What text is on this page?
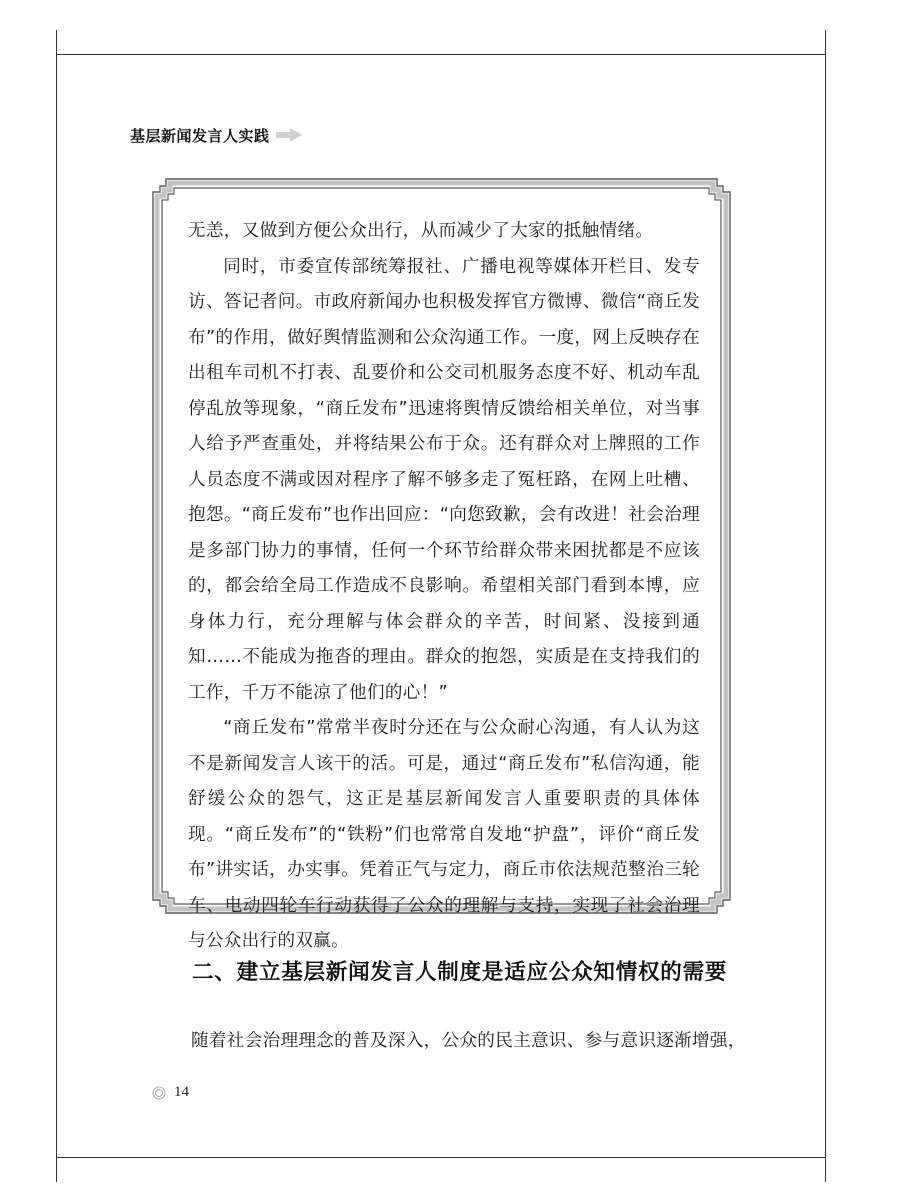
基层新闻发言人实践

无恙，又做到方便公众出行，从而减少了大家的抵触情绪。

同时，市委宣传部统筹报社、广播电视等媒体开栏目、发专访、答记者问。市政府新闻办也积极发挥官方微博、微信“商丘发布”的作用，做好舆情监测和公众沟通工作。一度，网上反映存在出租车司机不打表、乱要价和公交司机服务态度不好、机动车乱停乱放等现象，“商丘发布”迅速将舆情反馈给相关单位，对当事人给予严查重处，并将结果公布于众。还有群众对上牌照的工作人员态度不满或因对程序了解不够多走了冤枉路，在网上吐槽、抱怨。“商丘发布”也作出回应：“向您致歉，会有改进！社会治理是多部门协力的事情，任何一个环节给群众带来困扰都是不应该的，都会给全局工作造成不良影响。希望相关部门看到本博，应身体力行，充分理解与体会群众的辛苦，时间紧、没接到通知……不能成为拖沓的理由。群众的抱怨，实质是在支持我们的工作，千万不能凉了他们的心！”

“商丘发布”常常半夜时分还在与公众耐心沟通，有人认为这不是新闻发言人该干的活。可是，通过“商丘发布”私信沟通，能舒缓公众的怨气，这正是基层新闻发言人重要职责的具体体现。“商丘发布”的“铁粉”们也常常自发地“护盘”，评价“商丘发布”讲实话，办实事。凭着正气与定力，商丘市依法规范整治三轮车、电动四轮车行动获得了公众的理解与支持，实现了社会治理与公众出行的双赢。

二、建立基层新闻发言人制度是适应公众知情权的需要
随着社会治理理念的普及深入，公众的民主意识、参与意识逐渐增强，
14
